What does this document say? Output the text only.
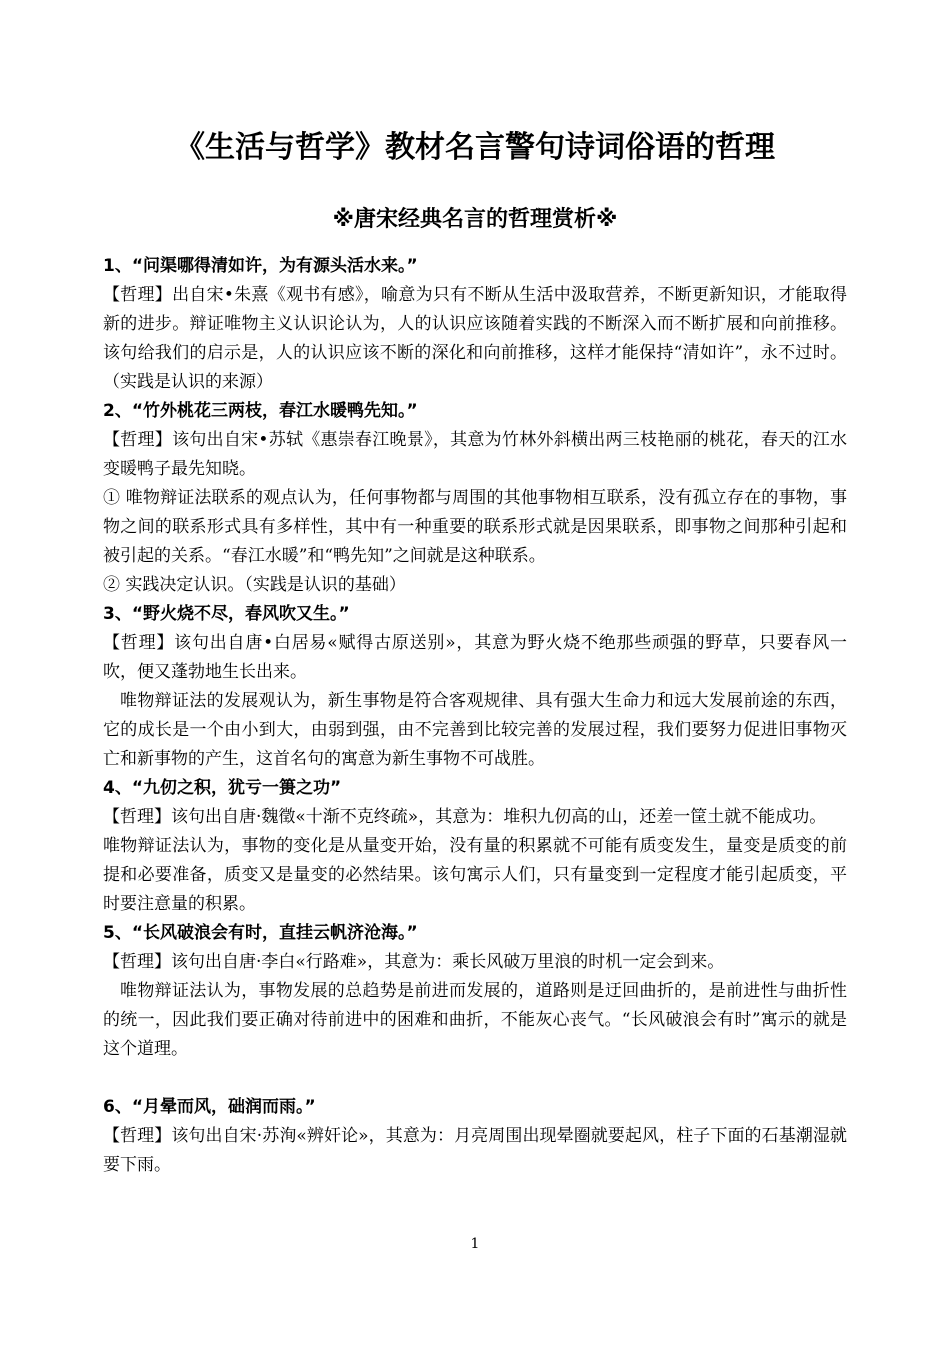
《生活与哲学》教材名言警句诗词俗语的哲理
※唐宋经典名言的哲理赏析※
1、“问渠哪得清如许，为有源头活水来。”

【哲理】出自宋•朱熹《观书有感》，喻意为只有不断从生活中汲取营养，不断更新知识，才能取得新的进步。辩证唯物主义认识论认为，人的认识应该随着实践的不断深入而不断扩展和向前推移。该句给我们的启示是，人的认识应该不断的深化和向前推移，这样才能保持“清如许”，永不过时。（实践是认识的来源）

2、“竹外桃花三两枝，春江水暖鸭先知。”

【哲理】该句出自宋•苏轼《惠崇春江晚景》，其意为竹林外斜横出两三枝艳丽的桃花，春天的江水变暖鸭子最先知晓。

① 唯物辩证法联系的观点认为，任何事物都与周围的其他事物相互联系，没有孤立存在的事物，事物之间的联系形式具有多样性，其中有一种重要的联系形式就是因果联系，即事物之间那种引起和被引起的关系。“春江水暖”和“鸭先知”之间就是这种联系。

② 实践决定认识。（实践是认识的基础）

3、“野火烧不尽，春风吹又生。”

【哲理】该句出自唐•白居易«赋得古原送别»，其意为野火烧不绝那些顽强的野草，只要春风一吹，便又蓬勃地生长出来。

唯物辩证法的发展观认为，新生事物是符合客观规律、具有强大生命力和远大发展前途的东西，它的成长是一个由小到大，由弱到强，由不完善到比较完善的发展过程，我们要努力促进旧事物灭亡和新事物的产生，这首名句的寓意为新生事物不可战胜。

4、“九仞之积，犹亏一篑之功”

【哲理】该句出自唐·魏徵«十渐不克终疏»，其意为：堆积九仞高的山，还差一筐土就不能成功。

唯物辩证法认为，事物的变化是从量变开始，没有量的积累就不可能有质变发生，量变是质变的前提和必要准备，质变又是量变的必然结果。该句寓示人们，只有量变到一定程度才能引起质变，平时要注意量的积累。

5、“长风破浪会有时，直挂云帆济沧海。”

【哲理】该句出自唐·李白«行路难»，其意为：乘长风破万里浪的时机一定会到来。

唯物辩证法认为，事物发展的总趋势是前进而发展的，道路则是迂回曲折的，是前进性与曲折性的统一，因此我们要正确对待前进中的困难和曲折，不能灰心丧气。“长风破浪会有时”寓示的就是这个道理。

6、“月晕而风，础润而雨。”

【哲理】该句出自宋·苏洵«辨奸论»，其意为：月亮周围出现晕圈就要起风，柱子下面的石基潮湿就要下雨。

1
